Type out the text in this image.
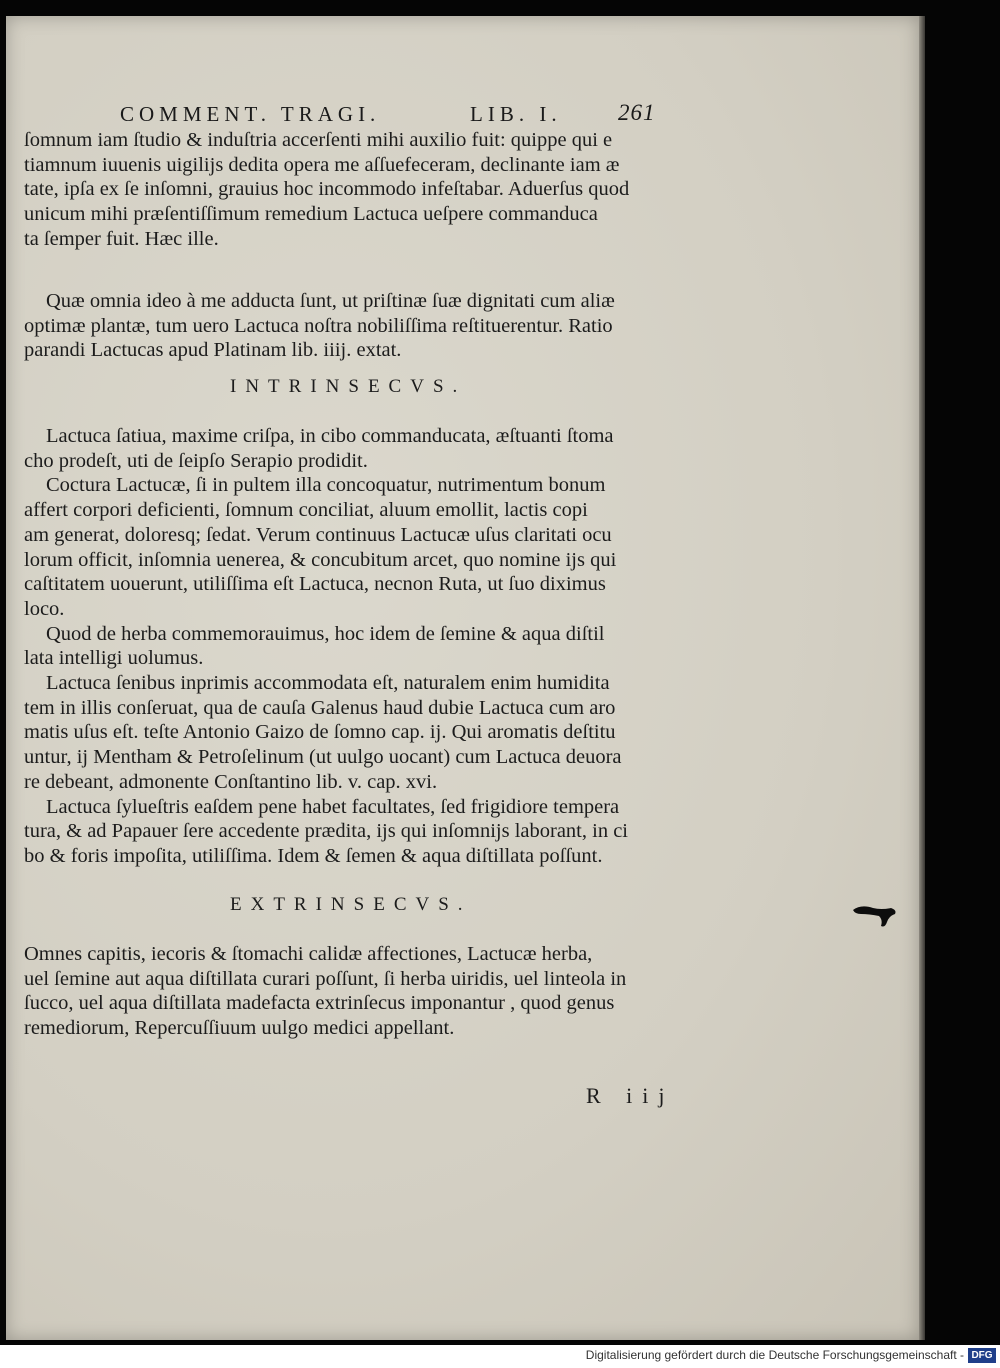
COMMENT. TRAGI.	LIB. I. 261
ſomnum iam ſtudio & induſtria accerſenti mihi auxilio fuit: quippe qui e
tiamnum iuuenis uigilijs dedita opera me aſſuefeceram, declinante iam æ
tate, ipſa ex ſe inſomni, grauius hoc incommodo infeſtabar. Aduerſus quod
unicum mihi præſentiſſimum remedium Lactuca ueſpere commanduca
ta ſemper fuit. Hæc ille.
Quæ omnia ideo à me adducta ſunt, ut priſtinæ ſuæ dignitati cum aliæ
optimæ plantæ, tum uero Lactuca noſtra nobiliſſima reſtituerentur. Ratio
parandi Lactucas apud Platinam lib. iiij. extat.
INTRINSECVS.
Lactuca ſatiua, maxime criſpa, in cibo commanducata, æſtuanti ſtoma
cho prodeſt, uti de ſeipſo Serapio prodidit.
Coctura Lactucæ, ſi in pultem illa concoquatur, nutrimentum bonum
affert corpori deficienti, ſomnum conciliat, aluum emollit, lactis copi
am generat, doloresq; ſedat. Verum continuus Lactucæ uſus claritati ocu
lorum officit, inſomnia uenerea, & concubitum arcet, quo nomine ijs qui
caſtitatem uouerunt, utiliſſima eſt Lactuca, necnon Ruta, ut ſuo diximus
loco.
Quod de herba commemorauimus, hoc idem de ſemine & aqua diſtil
lata intelligi uolumus.
Lactuca ſenibus inprimis accommodata eſt, naturalem enim humidita
tem in illis conſeruat, qua de cauſa Galenus haud dubie Lactuca cum aro
matis uſus eſt. teſte Antonio Gaizo de ſomno cap. ij. Qui aromatis deſtitu
untur, ij Mentham & Petroſelinum (ut uulgo uocant) cum Lactuca deuora
re debeant, admonente Conſtantino lib. v. cap. xvi.
Lactuca ſylueſtris eaſdem pene habet facultates, ſed frigidiore tempera
tura, & ad Papauer ſere accedente prædita, ijs qui inſomnijs laborant, in ci
bo & foris impoſita, utiliſſima. Idem & ſemen & aqua diſtillata poſſunt.
EXTRINSECVS.
Omnes capitis, iecoris & ſtomachi calidæ affectiones, Lactucæ herba,
uel ſemine aut aqua diſtillata curari poſſunt, ſi herba uiridis, uel linteola in
ſucco, uel aqua diſtillata madefacta extrinſecus imponantur , quod genus
remediorum, Repercuſſiuum uulgo medici appellant.
R iij
Digitalisierung gefördert durch die Deutsche Forschungsgemeinschaft - DFG
